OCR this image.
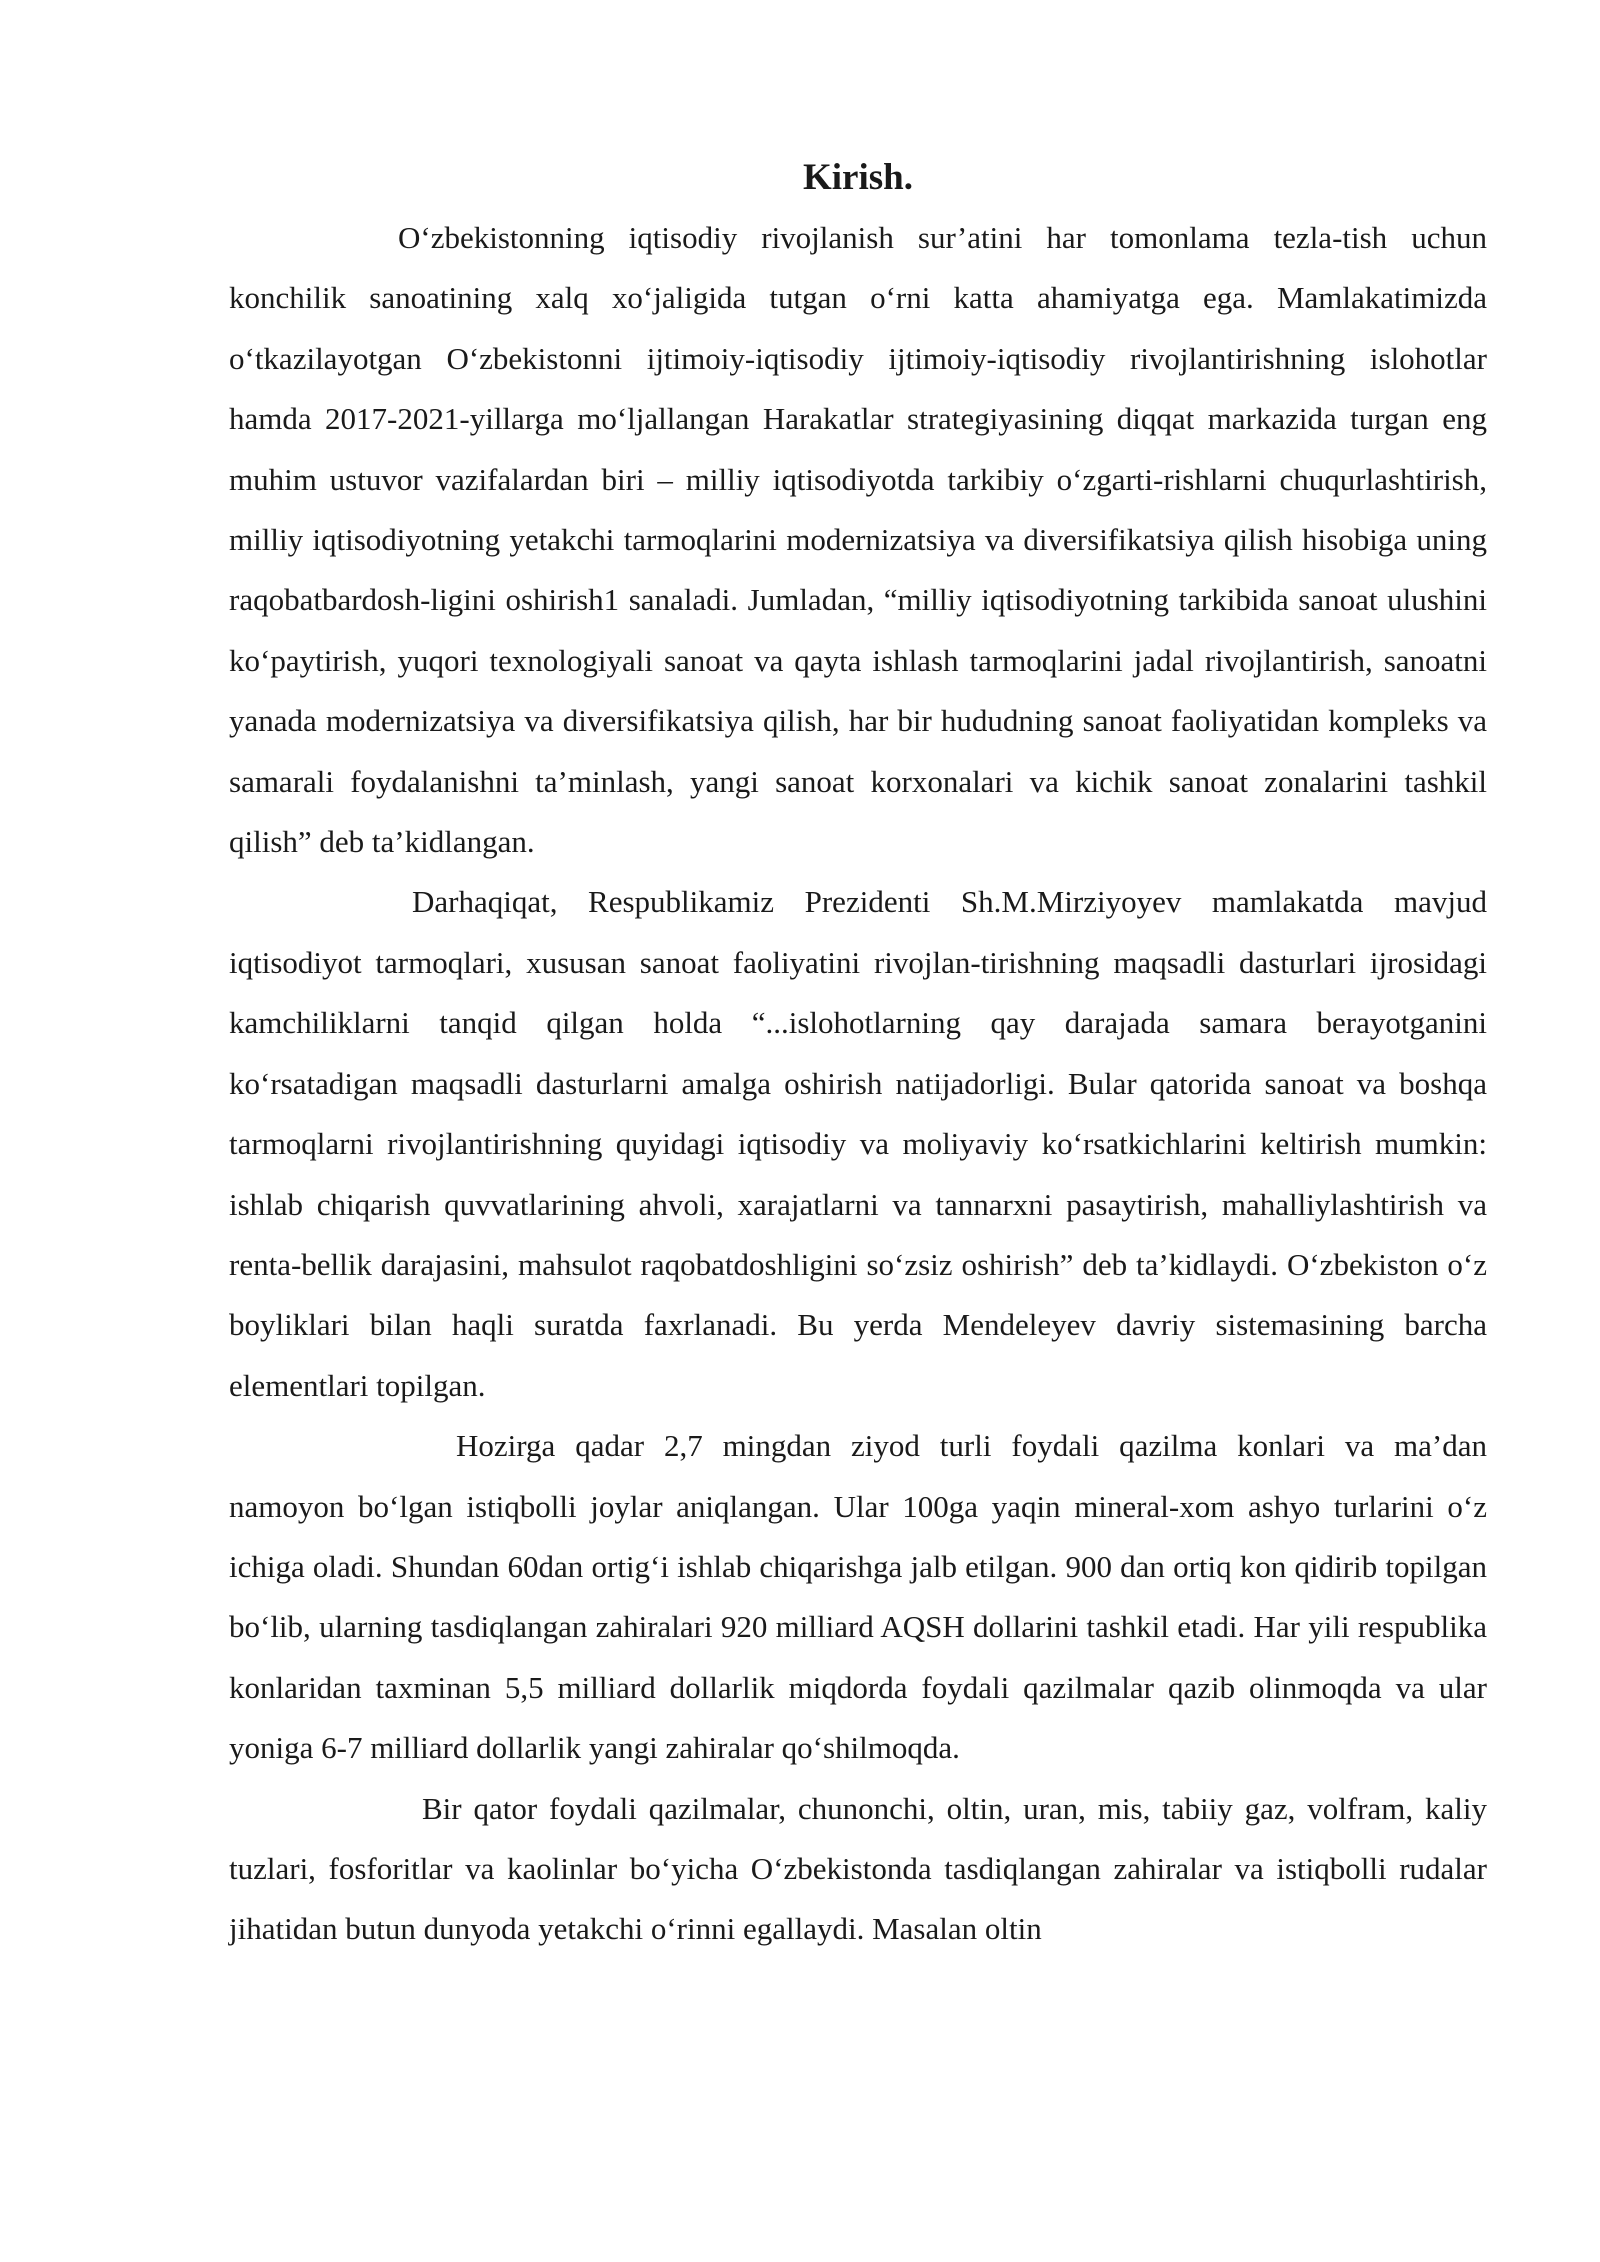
Kirish.

O‘zbekistonning iqtisodiy rivojlanish sur’atini har tomonlama tezla-tish uchun konchilik sanoatining xalq xo‘jaligida tutgan o‘rni katta ahamiyatga ega. Mamlakatimizda o‘tkazilayotgan O‘zbekistonni ijtimoiy-iqtisodiy ijtimoiy-iqtisodiy rivojlantirishning islohotlar hamda 2017-2021-yillarga mo‘ljallangan Harakatlar strategiyasining diqqat markazida turgan eng muhim ustuvor vazifalardan biri – milliy iqtisodiyotda tarkibiy o‘zgarti-rishlarni chuqurlashtirish, milliy iqtisodiyotning yetakchi tarmoqlarini modernizatsiya va diversifikatsiya qilish hisobiga uning raqobatbardosh-ligini oshirish1 sanaladi. Jumladan, “milliy iqtisodiyotning tarkibida sanoat ulushini ko‘paytirish, yuqori texnologiyali sanoat va qayta ishlash tarmoqlarini jadal rivojlantirish, sanoatni yanada modernizatsiya va diversifikatsiya qilish, har bir hududning sanoat faoliyatidan kompleks va samarali foydalanishni ta’minlash, yangi sanoat korxonalari va kichik sanoat zonalarini tashkil qilish” deb ta’kidlangan.

Darhaqiqat, Respublikamiz Prezidenti Sh.M.Mirziyoyev mamlakatda mavjud iqtisodiyot tarmoqlari, xususan sanoat faoliyatini rivojlan-tirishning maqsadli dasturlari ijrosidagi kamchiliklarni tanqid qilgan holda “...islohotlarning qay darajada samara berayotganini ko‘rsatadigan maqsadli dasturlarni amalga oshirish natijadorligi. Bular qatorida sanoat va boshqa tarmoqlarni rivojlantirishning quyidagi iqtisodiy va moliyaviy ko‘rsatkichlarini keltirish mumkin: ishlab chiqarish quvvatlarining ahvoli, xarajatlarni va tannarxni pasaytirish, mahalliylashtirish va renta-bellik darajasini, mahsulot raqobatdoshligini so‘zsiz oshirish” deb ta’kidlaydi. O‘zbekiston o‘z boyliklari bilan haqli suratda faxrlanadi. Bu yerda Mendeleyev davriy sistemasining barcha elementlari topilgan.

Hozirga qadar 2,7 mingdan ziyod turli foydali qazilma konlari va ma’dan namoyon bo‘lgan istiqbolli joylar aniqlangan. Ular 100ga yaqin mineral-xom ashyo turlarini o‘z ichiga oladi. Shundan 60dan ortig‘i ishlab chiqarishga jalb etilgan. 900 dan ortiq kon qidirib topilgan bo‘lib, ularning tasdiqlangan zahiralari 920 milliard AQSH dollarini tashkil etadi. Har yili respublika konlaridan taxminan 5,5 milliard dollarlik miqdorda foydali qazilmalar qazib olinmoqda va ular yoniga 6-7 milliard dollarlik yangi zahiralar qo‘shilmoqda.

Bir qator foydali qazilmalar, chunonchi, oltin, uran, mis, tabiiy gaz, volfram, kaliy tuzlari, fosforitlar va kaolinlar bo‘yicha O‘zbekistonda tasdiqlangan zahiralar va istiqbolli rudalar jihatidan butun dunyoda yetakchi o‘rinni egallaydi. Masalan oltin
